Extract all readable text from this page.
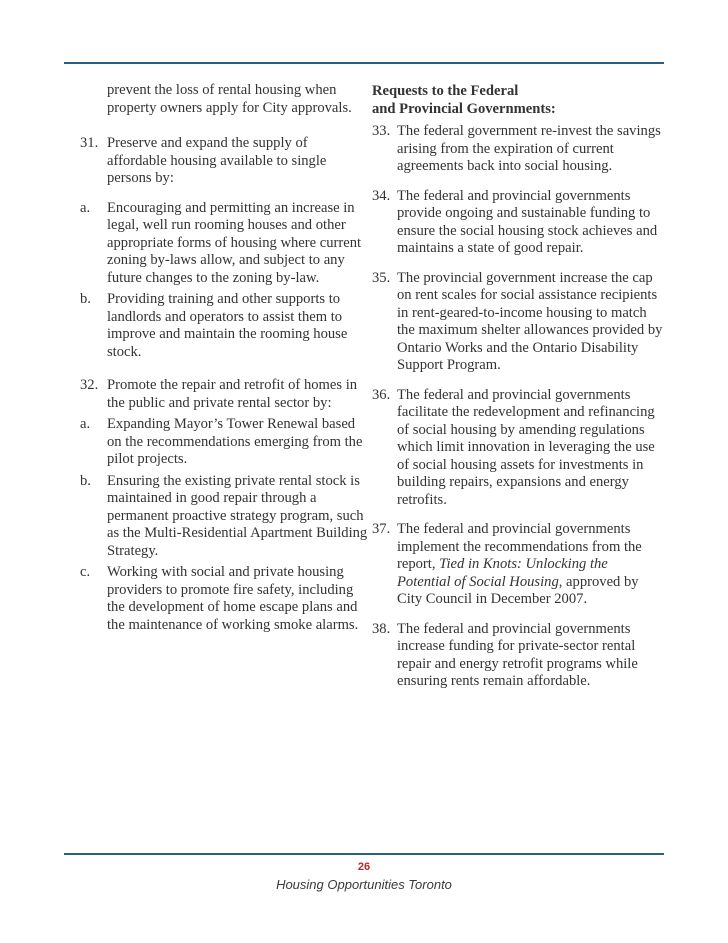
prevent the loss of rental housing when property owners apply for City approvals.

31. Preserve and expand the supply of affordable housing available to single persons by:

a. Encouraging and permitting an increase in legal, well run rooming houses and other appropriate forms of housing where current zoning by-laws allow, and subject to any future changes to the zoning by-law.

b. Providing training and other supports to landlords and operators to assist them to improve and maintain the rooming house stock.

32. Promote the repair and retrofit of homes in the public and private rental sector by:

a. Expanding Mayor’s Tower Renewal based on the recommendations emerging from the pilot projects.

b. Ensuring the existing private rental stock is maintained in good repair through a permanent proactive strategy program, such as the Multi-Residential Apartment Building Strategy.

c. Working with social and private housing providers to promote fire safety, including the development of home escape plans and the maintenance of working smoke alarms.

Requests to the Federal
and Provincial Governments:

33. The federal government re-invest the savings arising from the expiration of current agreements back into social housing.

34. The federal and provincial governments provide ongoing and sustainable funding to ensure the social housing stock achieves and maintains a state of good repair.

35. The provincial government increase the cap on rent scales for social assistance recipients in rent-geared-to-income housing to match the maximum shelter allowances provided by Ontario Works and the Ontario Disability Support Program.

36. The federal and provincial governments facilitate the redevelopment and refinancing of social housing by amending regulations which limit innovation in leveraging the use of social housing assets for investments in building repairs, expansions and energy retrofits.

37. The federal and provincial governments implement the recommendations from the report, Tied in Knots: Unlocking the Potential of Social Housing, approved by City Council in December 2007.

38. The federal and provincial governments increase funding for private-sector rental repair and energy retrofit programs while ensuring rents remain affordable.

26
Housing Opportunities Toronto
